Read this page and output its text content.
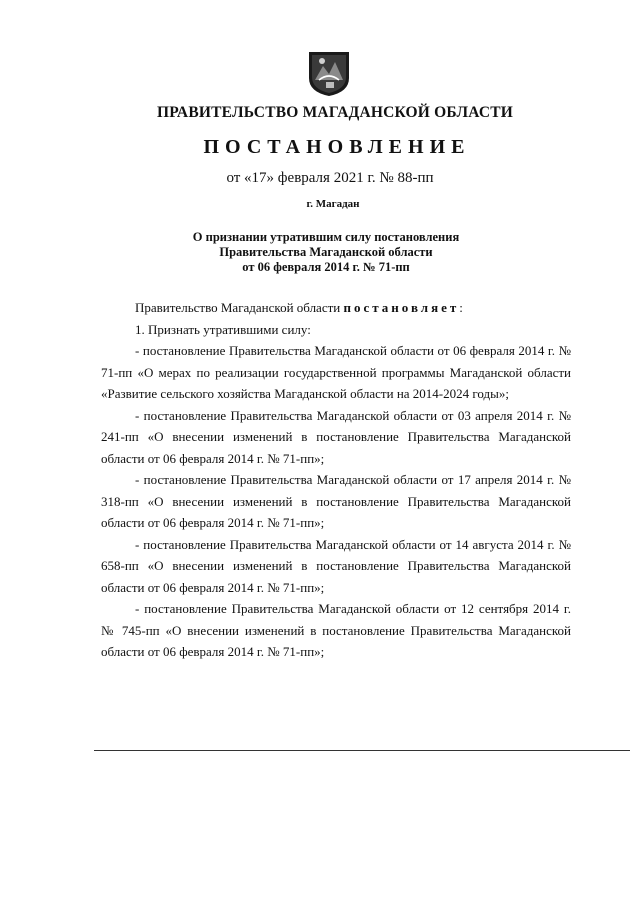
ПРАВИТЕЛЬСТВО МАГАДАНСКОЙ ОБЛАСТИ
ПОСТАНОВЛЕНИЕ
от «17» февраля 2021 г. № 88-пп
г. Магадан
О признании утратившим силу постановления
Правительства Магаданской области
от 06 февраля 2014 г. № 71-пп

Правительство Магаданской области постановляет:

1. Признать утратившими силу:

- постановление Правительства Магаданской области от 06 февраля 2014 г. № 71-пп «О мерах по реализации государственной программы Магаданской области «Развитие сельского хозяйства Магаданской области на 2014-2024 годы»;

- постановление Правительства Магаданской области от 03 апреля 2014 г. № 241-пп «О внесении изменений в постановление Правительства Магаданской области от 06 февраля 2014 г. № 71-пп»;

- постановление Правительства Магаданской области от 17 апреля 2014 г. № 318-пп «О внесении изменений в постановление Правительства Магаданской области от 06 февраля 2014 г. № 71-пп»;

- постановление Правительства Магаданской области от 14 августа 2014 г. № 658-пп «О внесении изменений в постановление Правительства Магаданской области от 06 февраля 2014 г. № 71-пп»;

- постановление Правительства Магаданской области от 12 сентября 2014 г. № 745-пп «О внесении изменений в постановление Правительства Магаданской области от 06 февраля 2014 г. № 71-пп»;
